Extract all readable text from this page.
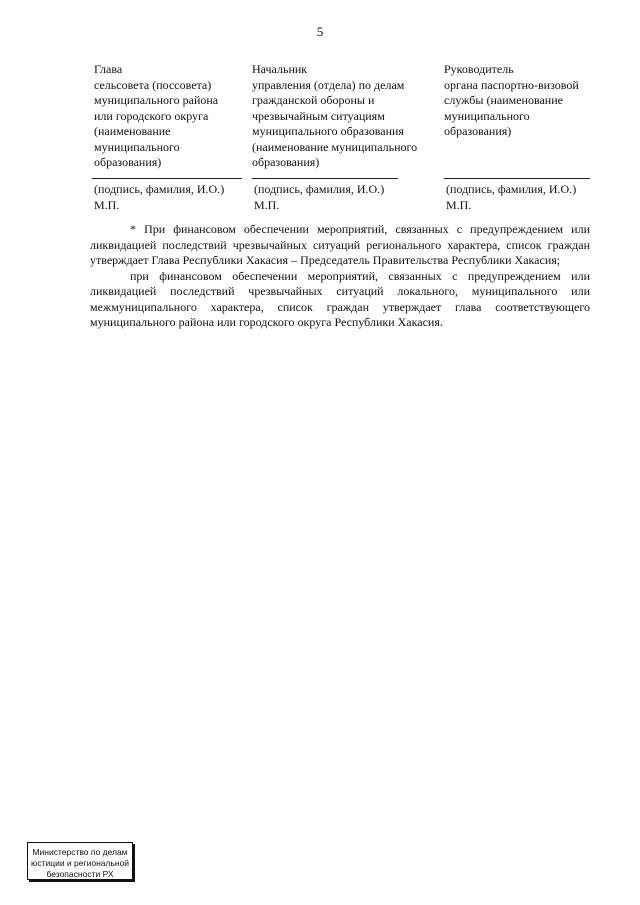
5
Глава
сельсовета (поссовета)
муниципального района
или городского округа
(наименование
муниципального
образования)
Начальник
управления (отдела) по делам
гражданской обороны и
чрезвычайным ситуациям
муниципального образования
(наименование муниципального
образования)
Руководитель
органа паспортно-визовой
службы (наименование
муниципального
образования)
(подпись, фамилия, И.О.)
М.П.
(подпись, фамилия, И.О.)
М.П.
(подпись, фамилия, И.О.)
М.П.

* При финансовом обеспечении мероприятий, связанных с предупреждением или ликвидацией последствий чрезвычайных ситуаций регионального характера, список граждан утверждает Глава Республики Хакасия – Председатель Правительства Республики Хакасия;

при финансовом обеспечении мероприятий, связанных с предупреждением или ликвидацией последствий чрезвычайных ситуаций локального, муниципального или межмуниципального характера, список граждан утверждает глава соответствующего муниципального района или городского округа Республики Хакасия.

Министерство по делам
юстиции и региональной
безопасности РХ
